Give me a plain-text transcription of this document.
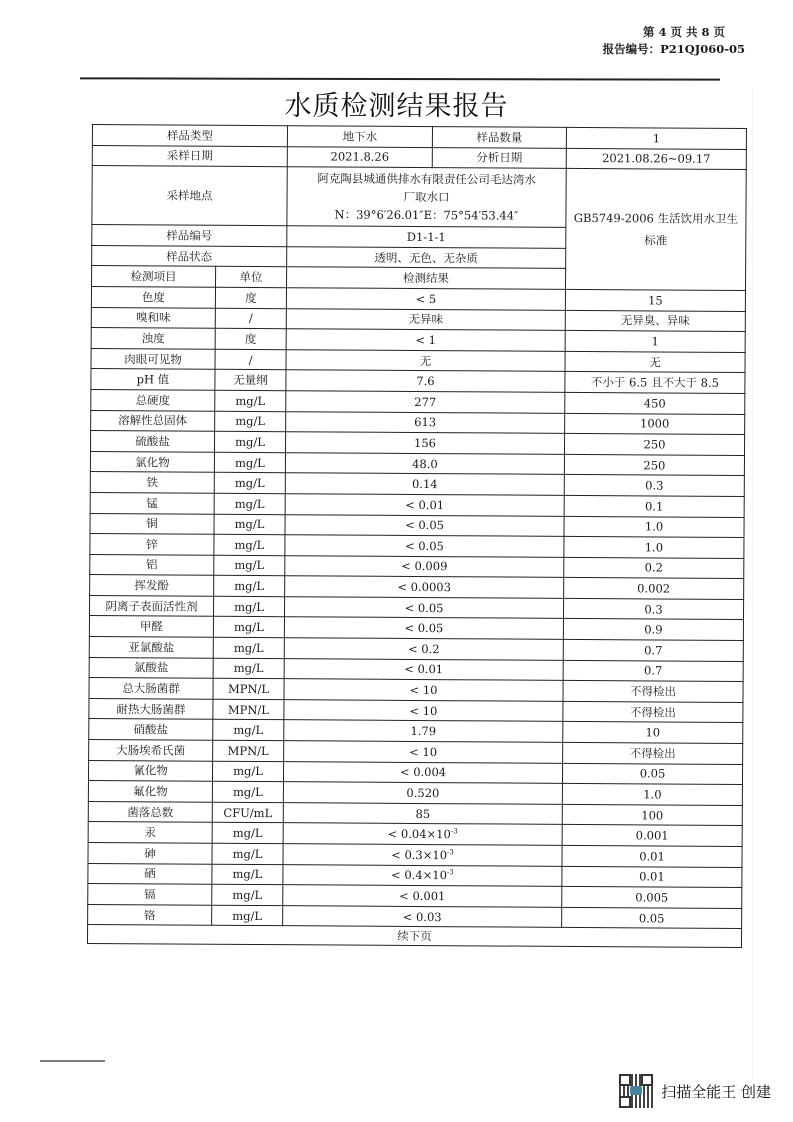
第 4 页 共 8 页
报告编号：P21QJ060-05
水质检测结果报告
样品类型		地下水	样品数量	1
采样日期		2021.8.26	分析日期	2021.08.26~09.17
采样地点		阿克陶县城通供排水有限责任公司毛达湾水
厂取水口
N：39°6′26.01″E：75°54′53.44″		GB5749-2006 生活饮用水卫生标准
样品编号		D1-1-1		
样品状态		透明、无色、无杂质		
检测项目	单位	检测结果		
色度	度	< 5		15
嗅和味	/	无异味		无异臭、异味
浊度	度	< 1		1
肉眼可见物	/	无		无
pH 值	无量纲	7.6		不小于 6.5 且不大于 8.5
总硬度	mg/L	277		450
溶解性总固体	mg/L	613		1000
硫酸盐	mg/L	156		250
氯化物	mg/L	48.0		250
铁	mg/L	0.14		0.3
锰	mg/L	< 0.01		0.1
铜	mg/L	< 0.05		1.0
锌	mg/L	< 0.05		1.0
铝	mg/L	< 0.009		0.2
挥发酚	mg/L	< 0.0003		0.002
阴离子表面活性剂	mg/L	< 0.05		0.3
甲醛	mg/L	< 0.05		0.9
亚氯酸盐	mg/L	< 0.2		0.7
氯酸盐	mg/L	< 0.01		0.7
总大肠菌群	MPN/L	< 10		不得检出
耐热大肠菌群	MPN/L	< 10		不得检出
硝酸盐	mg/L	1.79		10
大肠埃希氏菌	MPN/L	< 10		不得检出
氰化物	mg/L	< 0.004		0.05
氟化物	mg/L	0.520		1.0
菌落总数	CFU/mL	85		100
汞	mg/L	< $0.04\times 10^{-3}$		0.001
砷	mg/L	< $0.3\times 10^{-3}$		0.01
硒	mg/L	< $0.4\times 10^{-3}$		0.01
镉	mg/L	< 0.001		0.005
铬	mg/L	< 0.03		0.05
续下页				
扫描全能王 创建
